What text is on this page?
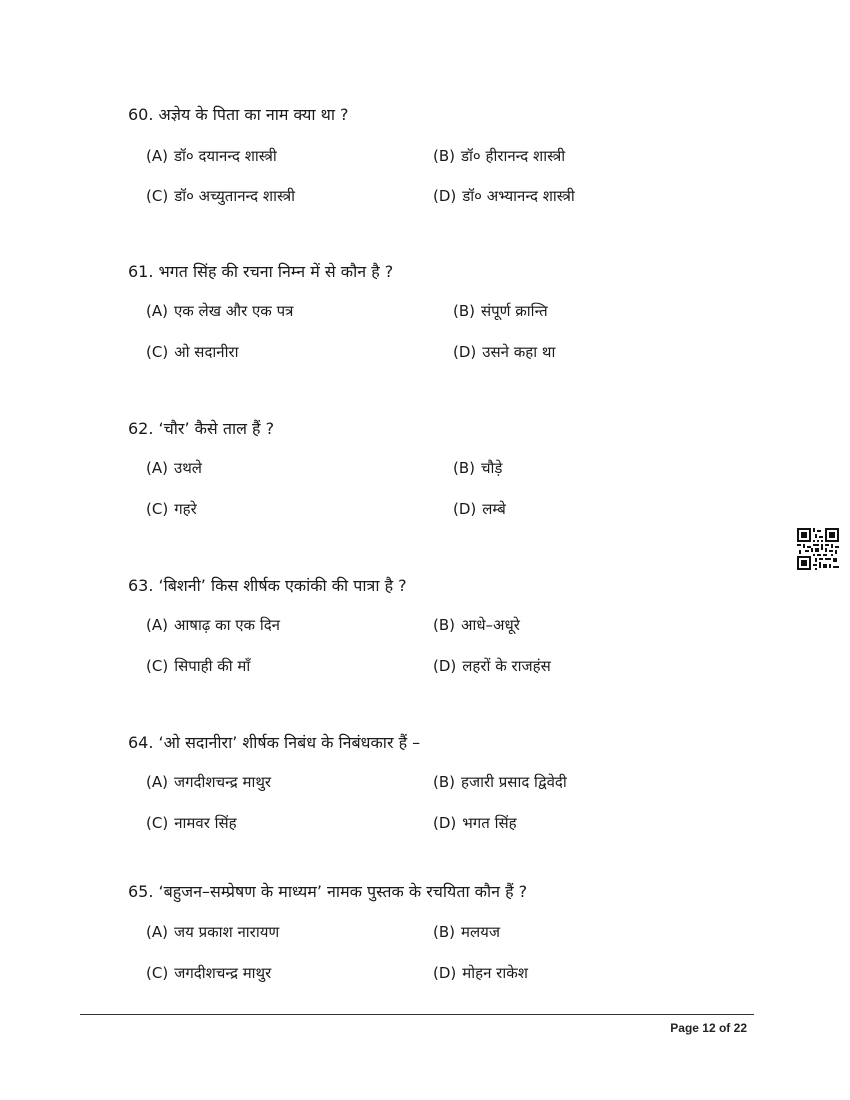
60. अज्ञेय के पिता का नाम क्या था ?
(A) डॉ० दयानन्द शास्त्री	(B) डॉ० हीरानन्द शास्त्री
(C) डॉ० अच्युतानन्द शास्त्री	(D) डॉ० अभ्यानन्द शास्त्री
61. भगत सिंह की रचना निम्न में से कौन है ?
(A) एक लेख और एक पत्र	(B) संपूर्ण क्रान्ति
(C) ओ सदानीरा	(D) उसने कहा था
62. ‘चौर’ कैसे ताल हैं ?
(A) उथले	(B) चौड़े
(C) गहरे	(D) लम्बे
63. ‘बिशनी’ किस शीर्षक एकांकी की पात्रा है ?
(A) आषाढ़ का एक दिन	(B) आधे–अधूरे
(C) सिपाही की माँ	(D) लहरों के राजहंस
64. ‘ओ सदानीरा’ शीर्षक निबंध के निबंधकार हैं –
(A) जगदीशचन्द्र माथुर	(B) हजारी प्रसाद द्विवेदी
(C) नामवर सिंह	(D) भगत सिंह
65. ‘बहुजन–सम्प्रेषण के माध्यम’ नामक पुस्तक के रचयिता कौन हैं ?
(A) जय प्रकाश नारायण	(B) मलयज
(C) जगदीशचन्द्र माथुर	(D) मोहन राकेश
Page 12 of 22
